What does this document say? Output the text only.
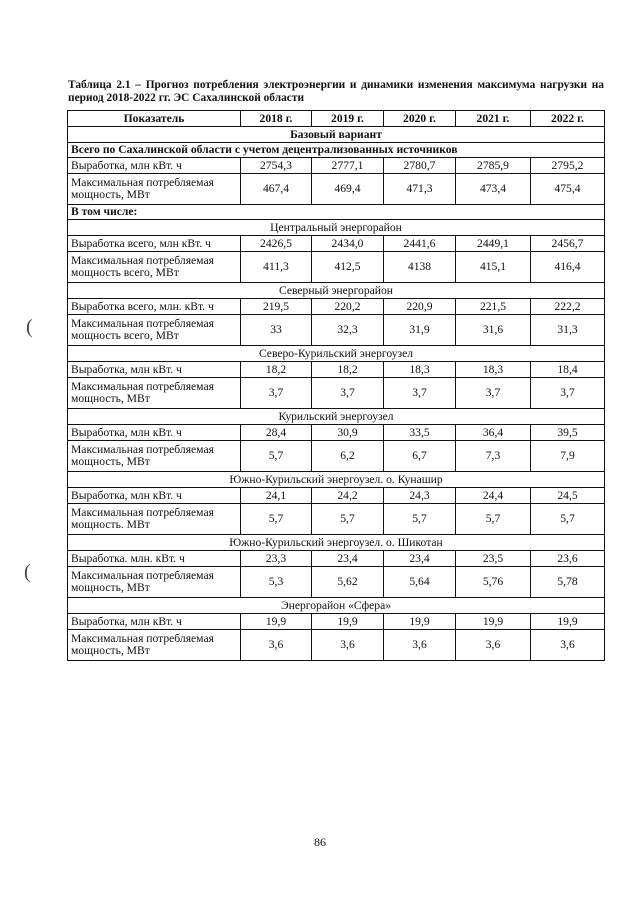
Таблица 2.1 – Прогноз потребления электроэнергии и динамики изменения максимума нагрузки на период 2018-2022 гг. ЭС Сахалинской области
Показатель	2018 г.	2019 г.	2020 г.	2021 г.	2022 г.
Базовый вариант					
Всего по Сахалинской области с учетом децентрализованных источников					
Выработка, млн кВт. ч	2754,3	2777,1	2780,7	2785,9	2795,2
Максимальная потребляемая мощность, МВт	467,4	469,4	471,3	473,4	475,4
В том числе:					
Центральный энергорайон					
Выработка всего, млн кВт. ч	2426,5	2434,0	2441,6	2449,1	2456,7
Максимальная потребляемая мощность всего, МВт	411,3	412,5	4138	415,1	416,4
Северный энергорайон					
Выработка всего, млн. кВт. ч	219,5	220,2	220,9	221,5	222,2
Максимальная потребляемая мощность всего, МВт	33	32,3	31,9	31,6	31,3
Северо-Курильский энергоузел					
Выработка, млн кВт. ч	18,2	18,2	18,3	18,3	18,4
Максимальная потребляемая мощность, МВт	3,7	3,7	3,7	3,7	3,7
Курильский энергоузел					
Выработка, млн кВт. ч	28,4	30,9	33,5	36,4	39,5
Максимальная потребляемая мощность, МВт	5,7	6,2	6,7	7,3	7,9
Южно-Курильский энергоузел. о. Кунашир					
Выработка, млн кВт. ч	24,1	24,2	24,3	24,4	24,5
Максимальная потребляемая мощность. МВт	5,7	5,7	5,7	5,7	5,7
Южно-Курильский энергоузел. о. Шикотан					
Выработка. млн. кВт. ч	23,3	23,4	23,4	23,5	23,6
Максимальная потребляемая мощность, МВт	5,3	5,62	5,64	5,76	5,78
Энергорайон «Сфера»					
Выработка, млн кВт. ч	19,9	19,9	19,9	19,9	19,9
Максимальная потребляемая мощность, МВт	3,6	3,6	3,6	3,6	3,6
(
(
86
